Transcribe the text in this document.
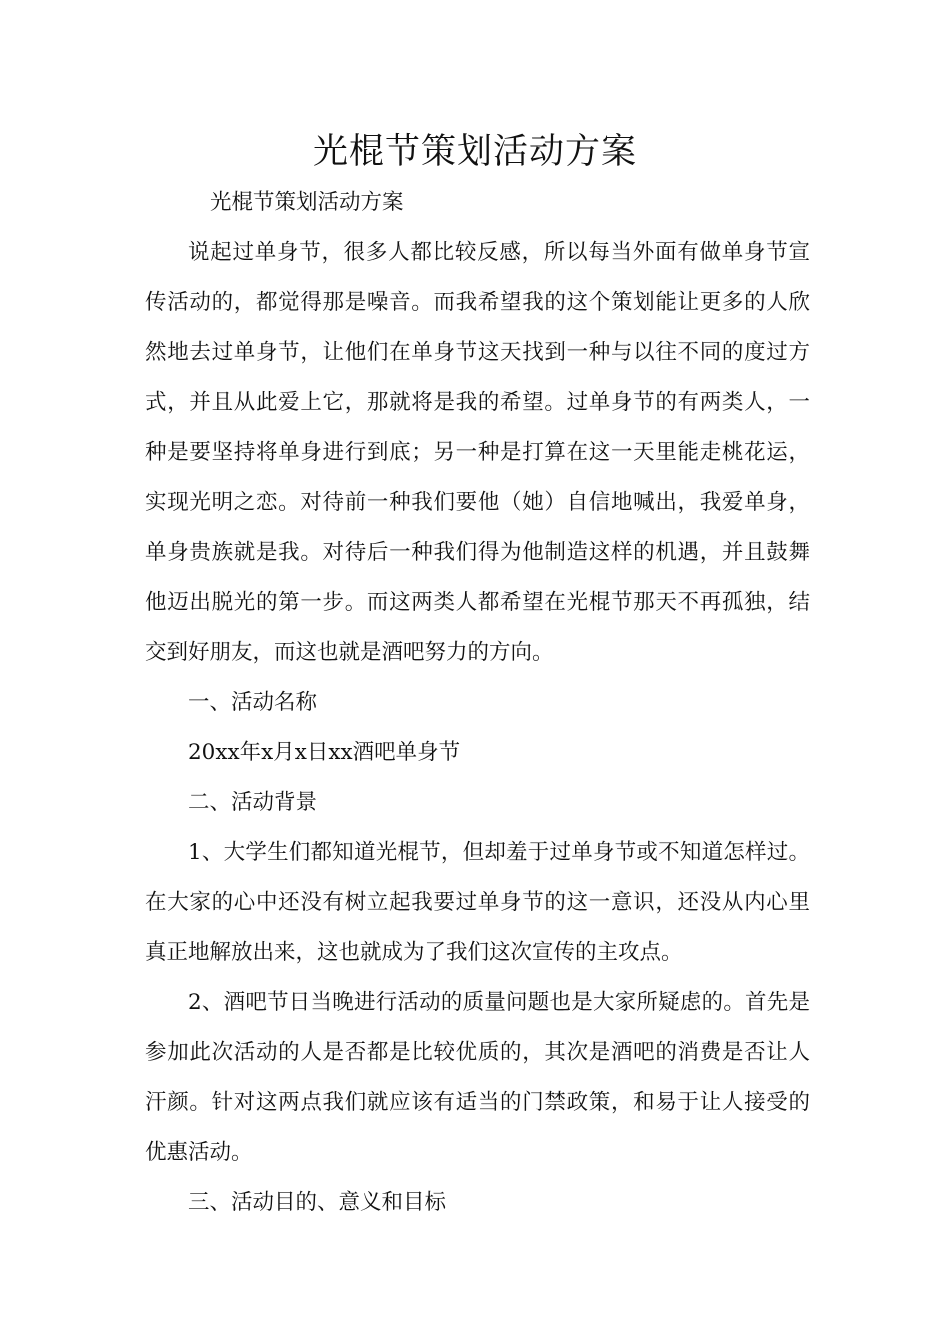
光棍节策划活动方案

光棍节策划活动方案

说起过单身节，很多人都比较反感，所以每当外面有做单身节宣传活动的，都觉得那是噪音。而我希望我的这个策划能让更多的人欣然地去过单身节，让他们在单身节这天找到一种与以往不同的度过方式，并且从此爱上它，那就将是我的希望。过单身节的有两类人，一种是要坚持将单身进行到底；另一种是打算在这一天里能走桃花运，实现光明之恋。对待前一种我们要他（她）自信地喊出，我爱单身，单身贵族就是我。对待后一种我们得为他制造这样的机遇，并且鼓舞他迈出脱光的第一步。而这两类人都希望在光棍节那天不再孤独，结交到好朋友，而这也就是酒吧努力的方向。

一、活动名称

20xx年x月x日xx酒吧单身节

二、活动背景

1、大学生们都知道光棍节，但却羞于过单身节或不知道怎样过。在大家的心中还没有树立起我要过单身节的这一意识，还没从内心里真正地解放出来，这也就成为了我们这次宣传的主攻点。

2、酒吧节日当晚进行活动的质量问题也是大家所疑虑的。首先是参加此次活动的人是否都是比较优质的，其次是酒吧的消费是否让人汗颜。针对这两点我们就应该有适当的门禁政策，和易于让人接受的优惠活动。

三、活动目的、意义和目标
